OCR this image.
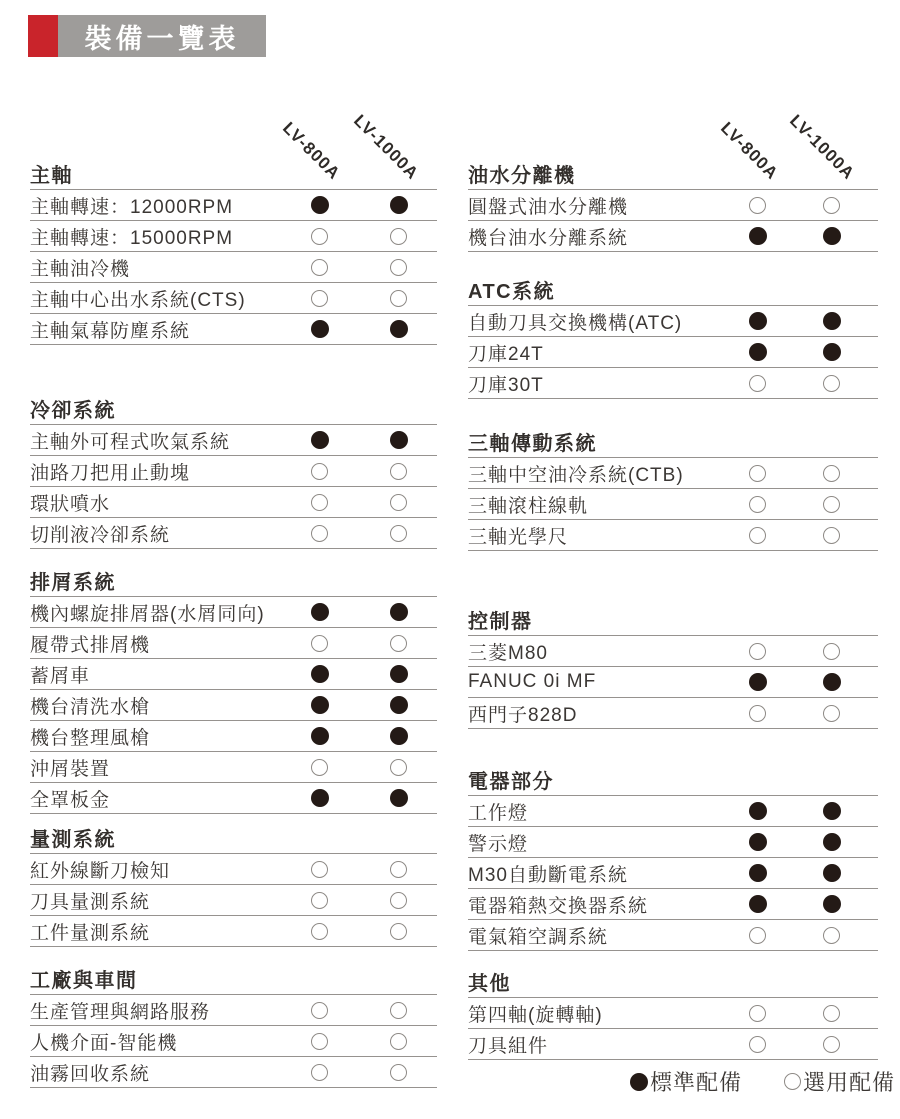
裝備一覽表
LV-800A LV-1000A	LV-800A LV-1000A
主軸
主軸轉速：12000RPM
主軸轉速：15000RPM
主軸油冷機
主軸中心出水系統(CTS)
主軸氣幕防塵系統
冷卻系統
主軸外可程式吹氣系統
油路刀把用止動塊
環狀噴水
切削液冷卻系統
排屑系統
機內螺旋排屑器(水屑同向)
履帶式排屑機
蓄屑車
機台清洗水槍
機台整理風槍
沖屑裝置
全罩板金
量測系統
紅外線斷刀檢知
刀具量測系統
工件量測系統
工廠與車間
生產管理與網路服務
人機介面-智能機
油霧回收系統
油水分離機
圓盤式油水分離機
機台油水分離系統
ATC系統
自動刀具交換機構(ATC)
刀庫24T
刀庫30T
三軸傳動系統
三軸中空油冷系統(CTB)
三軸滾柱線軌
三軸光學尺
控制器
三菱M80
FANUC 0i MF
西門子828D
電器部分
工作燈
警示燈
M30自動斷電系統
電器箱熱交換器系統
電氣箱空調系統
其他
第四軸(旋轉軸)
刀具組件
標準配備	選用配備
